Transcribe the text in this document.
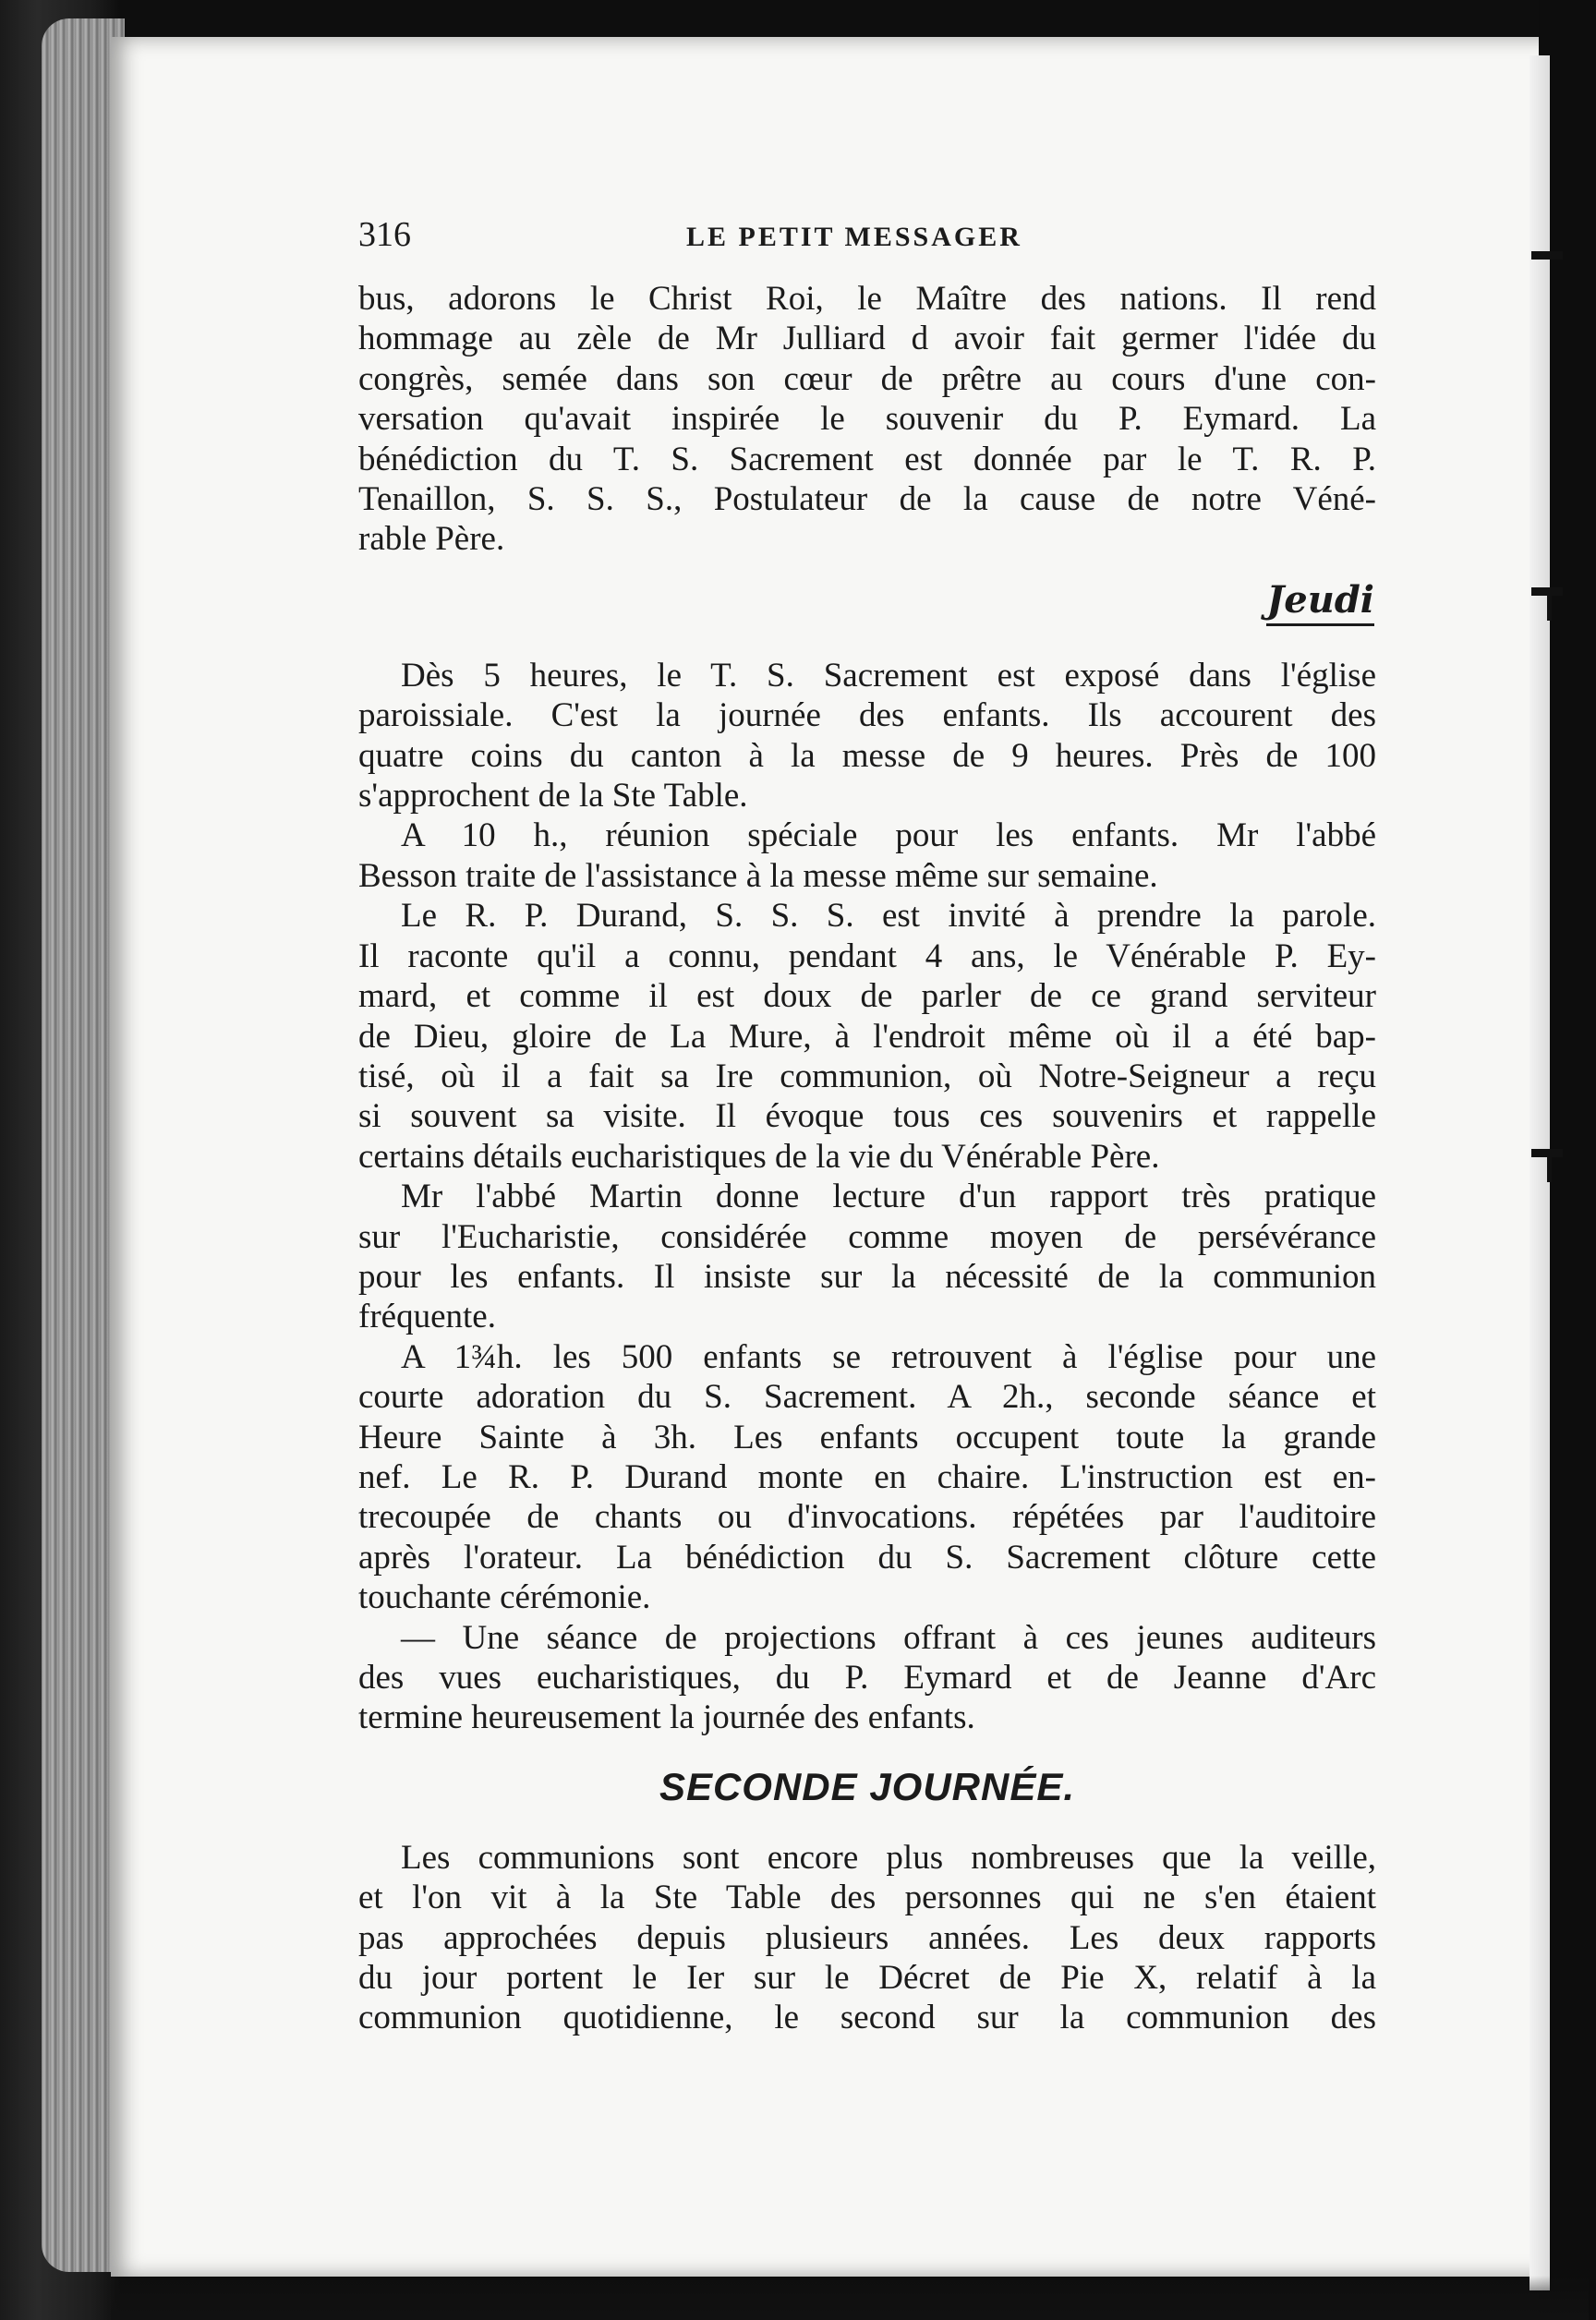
316	LE PETIT MESSAGER

bus, adorons le Christ Roi, le Maître des nations. Il rend

hommage au zèle de Mr Julliard d avoir fait germer l'idée du

congrès, semée dans son cœur de prêtre au cours d'une con-

versation qu'avait inspirée le souvenir du P. Eymard. La

bénédiction du T. S. Sacrement est donnée par le T. R. P.

Tenaillon, S. S. S., Postulateur de la cause de notre Véné-

rable Père.

Jeudi

Dès 5 heures, le T. S. Sacrement est exposé dans l'église

paroissiale. C'est la journée des enfants. Ils accourent des

quatre coins du canton à la messe de 9 heures. Près de 100

s'approchent de la Ste Table.

A 10 h., réunion spéciale pour les enfants. Mr l'abbé

Besson traite de l'assistance à la messe même sur semaine.

Le R. P. Durand, S. S. S. est invité à prendre la parole.

Il raconte qu'il a connu, pendant 4 ans, le Vénérable P. Ey-

mard, et comme il est doux de parler de ce grand serviteur

de Dieu, gloire de La Mure, à l'endroit même où il a été bap-

tisé, où il a fait sa Ire communion, où Notre-Seigneur a reçu

si souvent sa visite. Il évoque tous ces souvenirs et rappelle

certains détails eucharistiques de la vie du Vénérable Père.

Mr l'abbé Martin donne lecture d'un rapport très pratique

sur l'Eucharistie, considérée comme moyen de persévérance

pour les enfants. Il insiste sur la nécessité de la communion

fréquente.

A 1¾h. les 500 enfants se retrouvent à l'église pour une

courte adoration du S. Sacrement. A 2h., seconde séance et

Heure Sainte à 3h. Les enfants occupent toute la grande

nef. Le R. P. Durand monte en chaire. L'instruction est en-

trecoupée de chants ou d'invocations. répétées par l'auditoire

après l'orateur. La bénédiction du S. Sacrement clôture cette

touchante cérémonie.

— Une séance de projections offrant à ces jeunes auditeurs

des vues eucharistiques, du P. Eymard et de Jeanne d'Arc

termine heureusement la journée des enfants.

SECONDE JOURNÉE.

Les communions sont encore plus nombreuses que la veille,

et l'on vit à la Ste Table des personnes qui ne s'en étaient

pas approchées depuis plusieurs années. Les deux rapports

du jour portent le Ier sur le Décret de Pie X, relatif à la

communion quotidienne, le second sur la communion des
